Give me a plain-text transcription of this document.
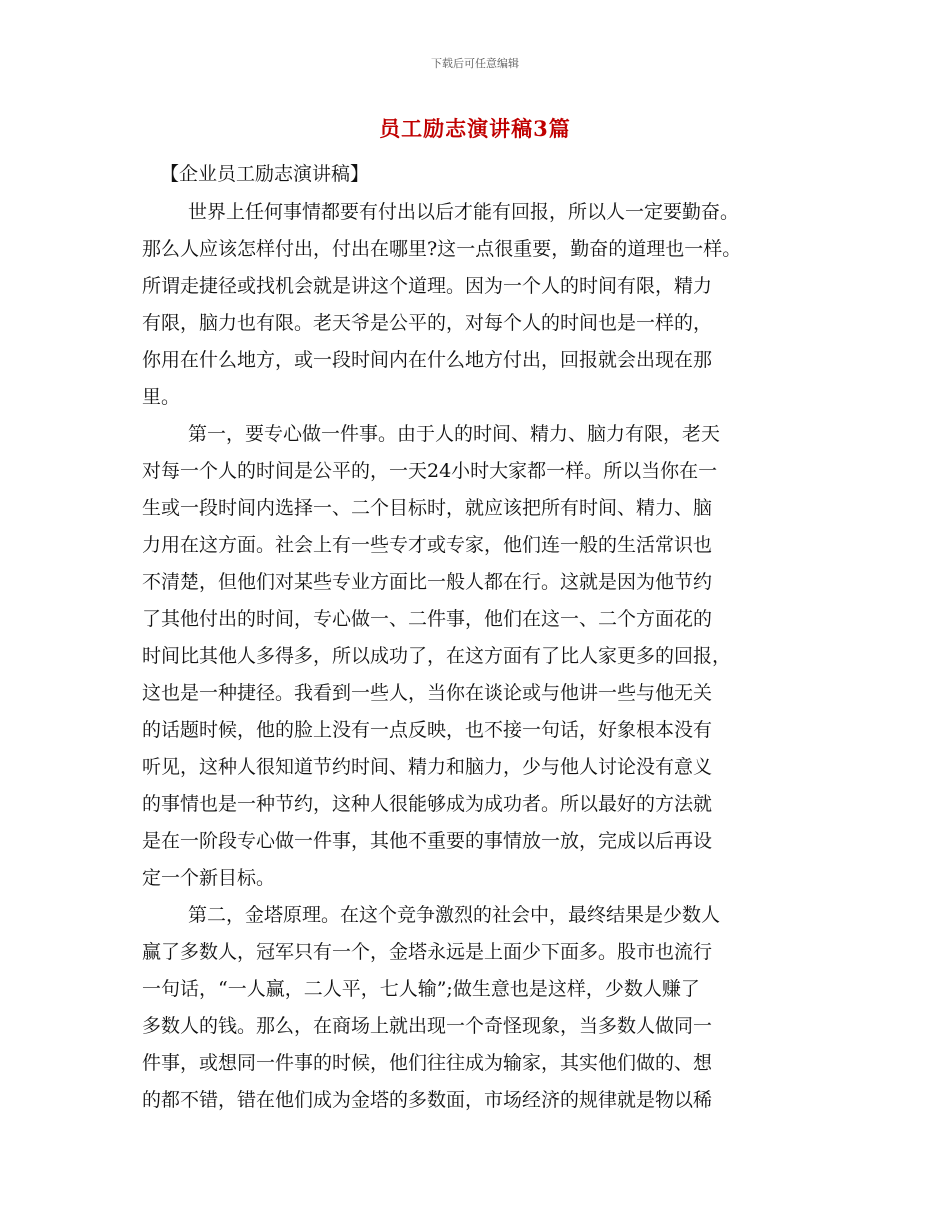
下载后可任意编辑
员工励志演讲稿3篇
【企业员工励志演讲稿】
世界上任何事情都要有付出以后才能有回报，所以人一定要勤奋。
那么人应该怎样付出，付出在哪里?这一点很重要，勤奋的道理也一样。
所谓走捷径或找机会就是讲这个道理。因为一个人的时间有限，精力
有限，脑力也有限。老天爷是公平的，对每个人的时间也是一样的，
你用在什么地方，或一段时间内在什么地方付出，回报就会出现在那
里。
第一，要专心做一件事。由于人的时间、精力、脑力有限，老天
对每一个人的时间是公平的，一天24小时大家都一样。所以当你在一
生或一段时间内选择一、二个目标时，就应该把所有时间、精力、脑
力用在这方面。社会上有一些专才或专家，他们连一般的生活常识也
不清楚，但他们对某些专业方面比一般人都在行。这就是因为他节约
了其他付出的时间，专心做一、二件事，他们在这一、二个方面花的
时间比其他人多得多，所以成功了，在这方面有了比人家更多的回报，
这也是一种捷径。我看到一些人，当你在谈论或与他讲一些与他无关
的话题时候，他的脸上没有一点反映，也不接一句话，好象根本没有
听见，这种人很知道节约时间、精力和脑力，少与他人讨论没有意义
的事情也是一种节约，这种人很能够成为成功者。所以最好的方法就
是在一阶段专心做一件事，其他不重要的事情放一放，完成以后再设
定一个新目标。
第二，金塔原理。在这个竞争激烈的社会中，最终结果是少数人
赢了多数人，冠军只有一个，金塔永远是上面少下面多。股市也流行
一句话，“一人赢，二人平，七人输”;做生意也是这样，少数人赚了
多数人的钱。那么，在商场上就出现一个奇怪现象，当多数人做同一
件事，或想同一件事的时候，他们往往成为输家，其实他们做的、想
的都不错，错在他们成为金塔的多数面，市场经济的规律就是物以稀
